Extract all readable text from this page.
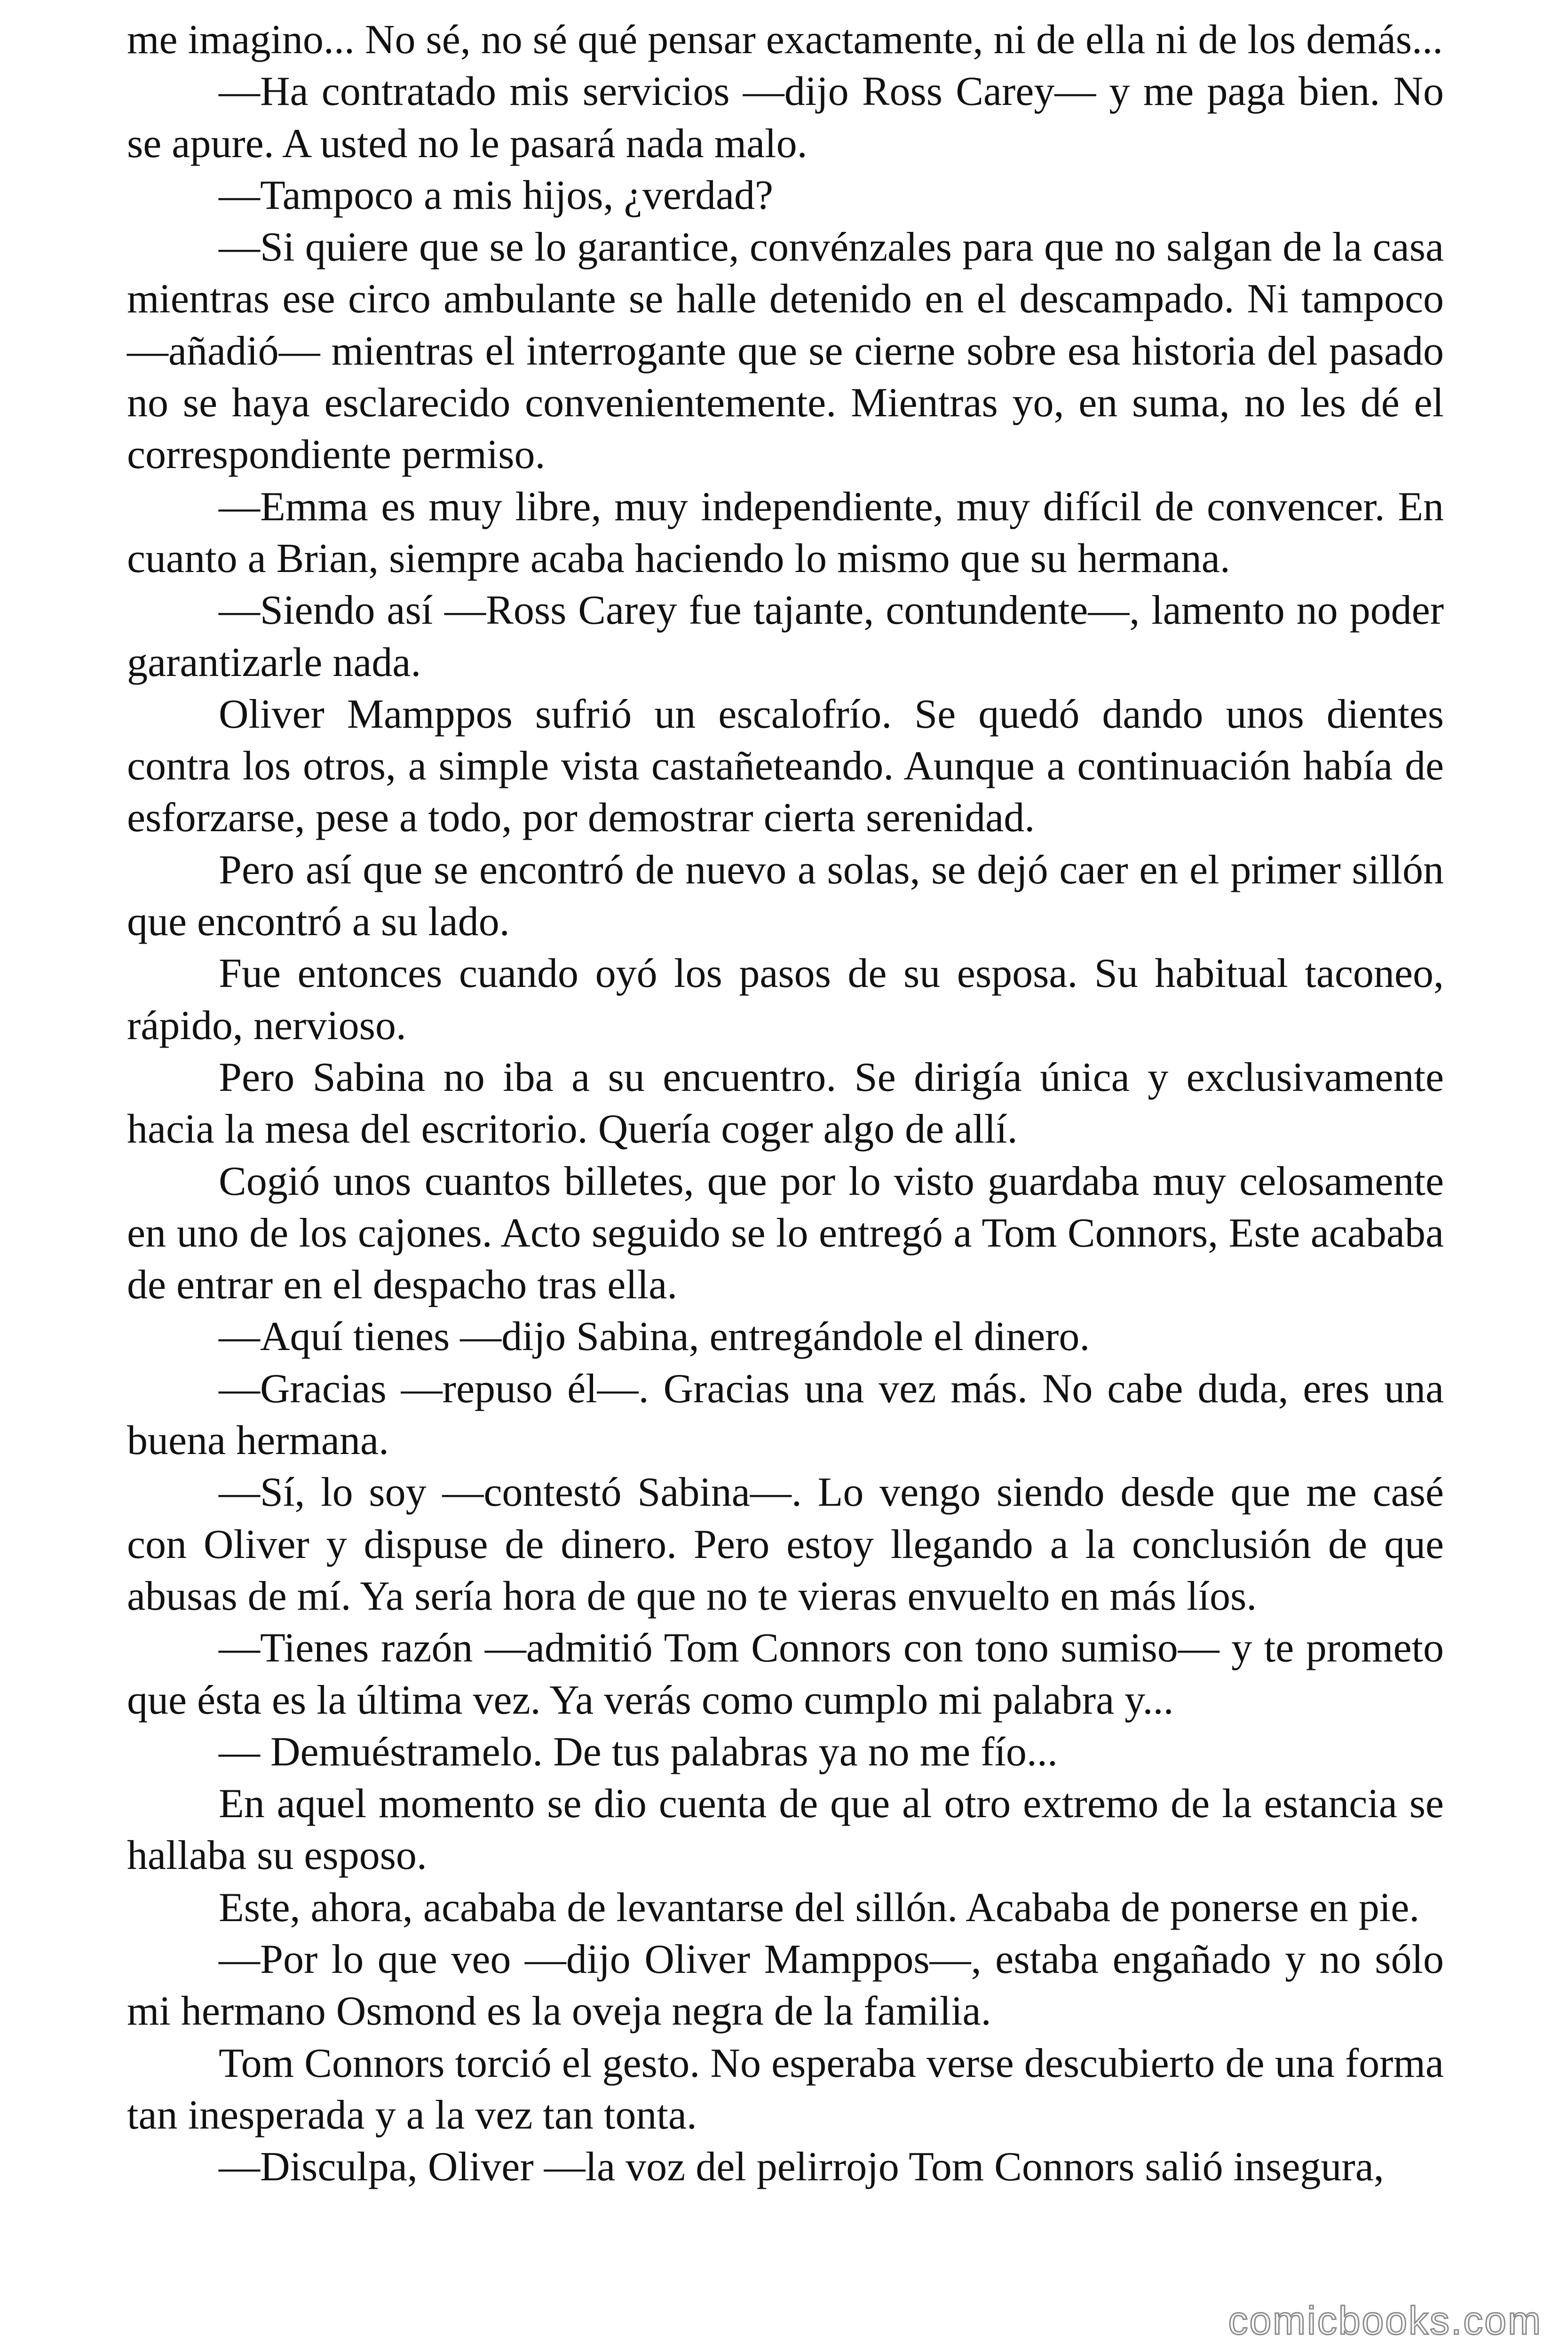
me imagino... No sé, no sé qué pensar exactamente, ni de ella ni de los demás...

—Ha contratado mis servicios —dijo Ross Carey— y me paga bien. No se apure. A usted no le pasará nada malo.

—Tampoco a mis hijos, ¿verdad?

—Si quiere que se lo garantice, convénzales para que no salgan de la casa mientras ese circo ambulante se halle detenido en el descampado. Ni tampoco —añadió— mientras el interrogante que se cierne sobre esa historia del pasado no se haya esclarecido convenientemente. Mientras yo, en suma, no les dé el correspondiente permiso.

—Emma es muy libre, muy independiente, muy difícil de convencer. En cuanto a Brian, siempre acaba haciendo lo mismo que su hermana.

—Siendo así —Ross Carey fue tajante, contundente—, lamento no poder garantizarle nada.

Oliver Mamppos sufrió un escalofrío. Se quedó dando unos dientes contra los otros, a simple vista castañeteando. Aunque a continuación había de esforzarse, pese a todo, por demostrar cierta serenidad.

Pero así que se encontró de nuevo a solas, se dejó caer en el primer sillón que encontró a su lado.

Fue entonces cuando oyó los pasos de su esposa. Su habitual taconeo, rápido, nervioso.

Pero Sabina no iba a su encuentro. Se dirigía única y exclusivamente hacia la mesa del escritorio. Quería coger algo de allí.

Cogió unos cuantos billetes, que por lo visto guardaba muy celosamente en uno de los cajones. Acto seguido se lo entregó a Tom Connors, Este acababa de entrar en el despacho tras ella.

—Aquí tienes —dijo Sabina, entregándole el dinero.

—Gracias —repuso él—. Gracias una vez más. No cabe duda, eres una buena hermana.

—Sí, lo soy —contestó Sabina—. Lo vengo siendo desde que me casé con Oliver y dispuse de dinero. Pero estoy llegando a la conclusión de que abusas de mí. Ya sería hora de que no te vieras envuelto en más líos.

—Tienes razón —admitió Tom Connors con tono sumiso— y te prometo que ésta es la última vez. Ya verás como cumplo mi palabra y...

— Demuéstramelo. De tus palabras ya no me fío...

En aquel momento se dio cuenta de que al otro extremo de la estancia se hallaba su esposo.

Este, ahora, acababa de levantarse del sillón. Acababa de ponerse en pie.

—Por lo que veo —dijo Oliver Mamppos—, estaba engañado y no sólo mi hermano Osmond es la oveja negra de la familia.

Tom Connors torció el gesto. No esperaba verse descubierto de una forma tan inesperada y a la vez tan tonta.

—Disculpa, Oliver —la voz del pelirrojo Tom Connors salió insegura,

comicbooks.com
